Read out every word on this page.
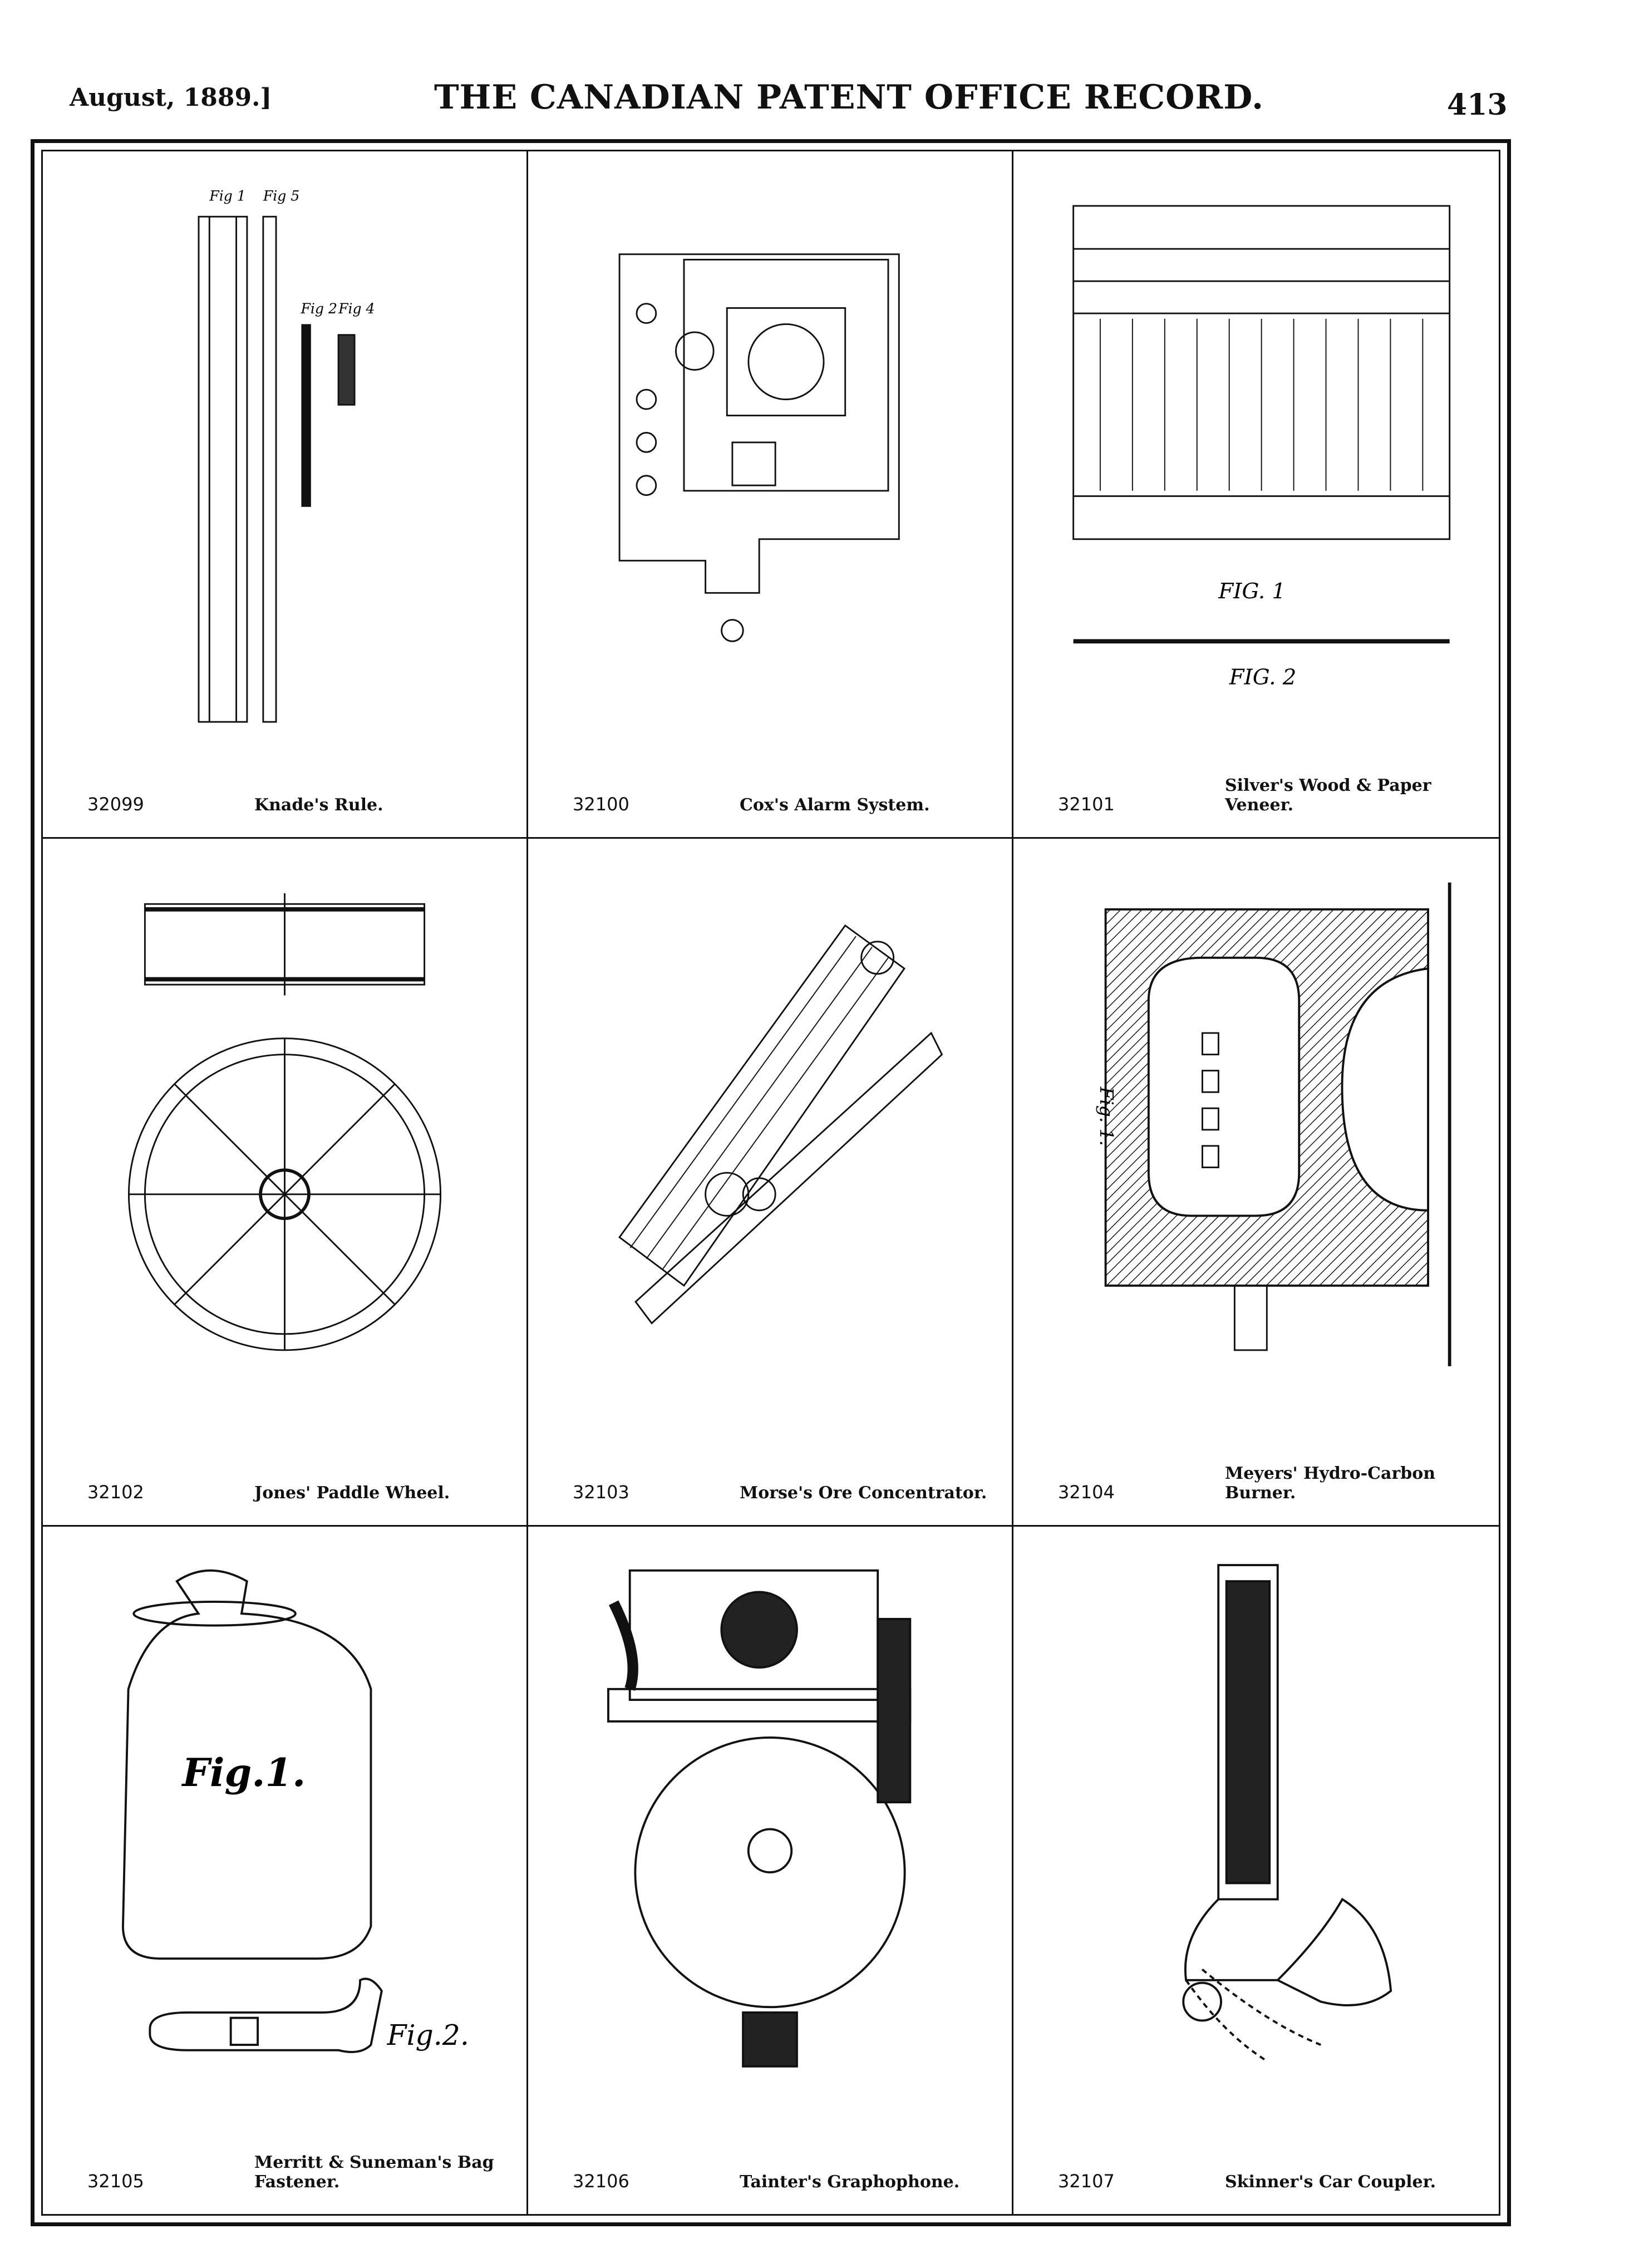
August, 1889.]	THE CANADIAN PATENT OFFICE RECORD.	413
Fig 1 Fig 5
Fig 2 Fig 4
32099	Knade's Rule.	32100	Cox's Alarm System.
FIG. 1
FIG. 2
32101
Silver's Wood & Paper Veneer.
32102	Jones' Paddle Wheel.	32103	Morse's Ore Concentrator.
Fig. 1.
32104
Meyers' Hydro-Carbon Burner.
Fig.1.
Fig.2.
32105
Merritt & Suneman's Bag Fastener.	32106	Tainter's Graphophone.	32107	Skinner's Car Coupler.
